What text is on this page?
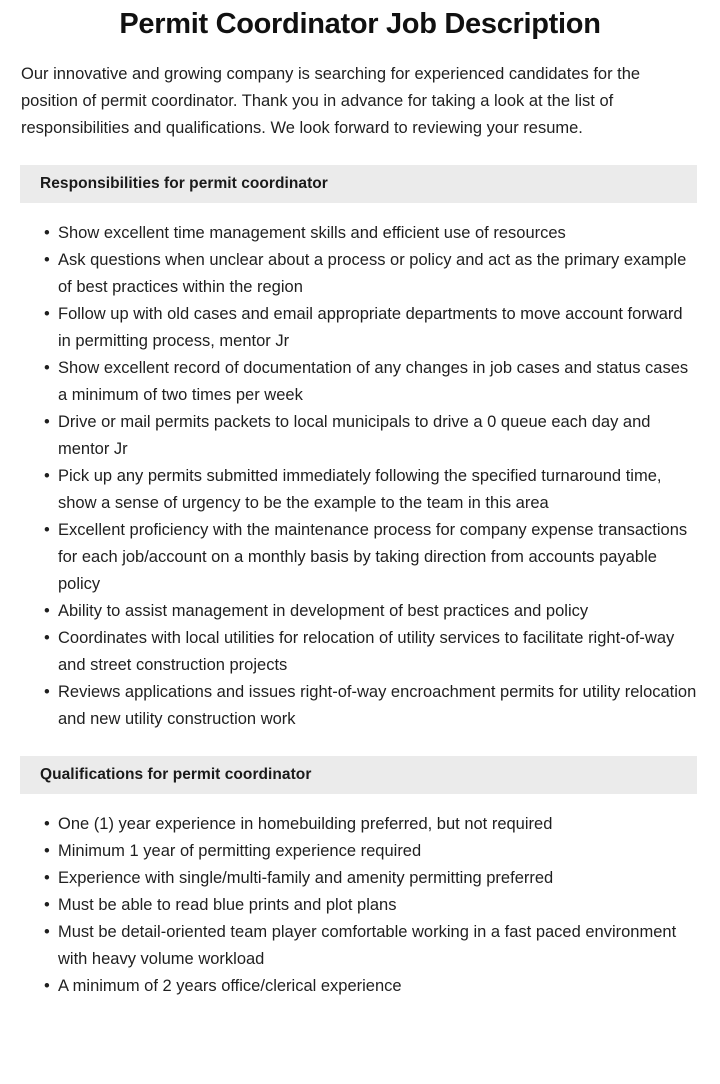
Permit Coordinator Job Description

Our innovative and growing company is searching for experienced candidates for the position of permit coordinator. Thank you in advance for taking a look at the list of responsibilities and qualifications. We look forward to reviewing your resume.

Responsibilities for permit coordinator
• Show excellent time management skills and efficient use of resources
• Ask questions when unclear about a process or policy and act as the primary example of best practices within the region
• Follow up with old cases and email appropriate departments to move account forward in permitting process, mentor Jr
• Show excellent record of documentation of any changes in job cases and status cases a minimum of two times per week
• Drive or mail permits packets to local municipals to drive a 0 queue each day and mentor Jr
• Pick up any permits submitted immediately following the specified turnaround time, show a sense of urgency to be the example to the team in this area
• Excellent proficiency with the maintenance process for company expense transactions for each job/account on a monthly basis by taking direction from accounts payable policy
• Ability to assist management in development of best practices and policy
• Coordinates with local utilities for relocation of utility services to facilitate right-of-way and street construction projects
• Reviews applications and issues right-of-way encroachment permits for utility relocation and new utility construction work
Qualifications for permit coordinator
• One (1) year experience in homebuilding preferred, but not required
• Minimum 1 year of permitting experience required
• Experience with single/multi-family and amenity permitting preferred
• Must be able to read blue prints and plot plans
• Must be detail-oriented team player comfortable working in a fast paced environment with heavy volume workload
• A minimum of 2 years office/clerical experience
